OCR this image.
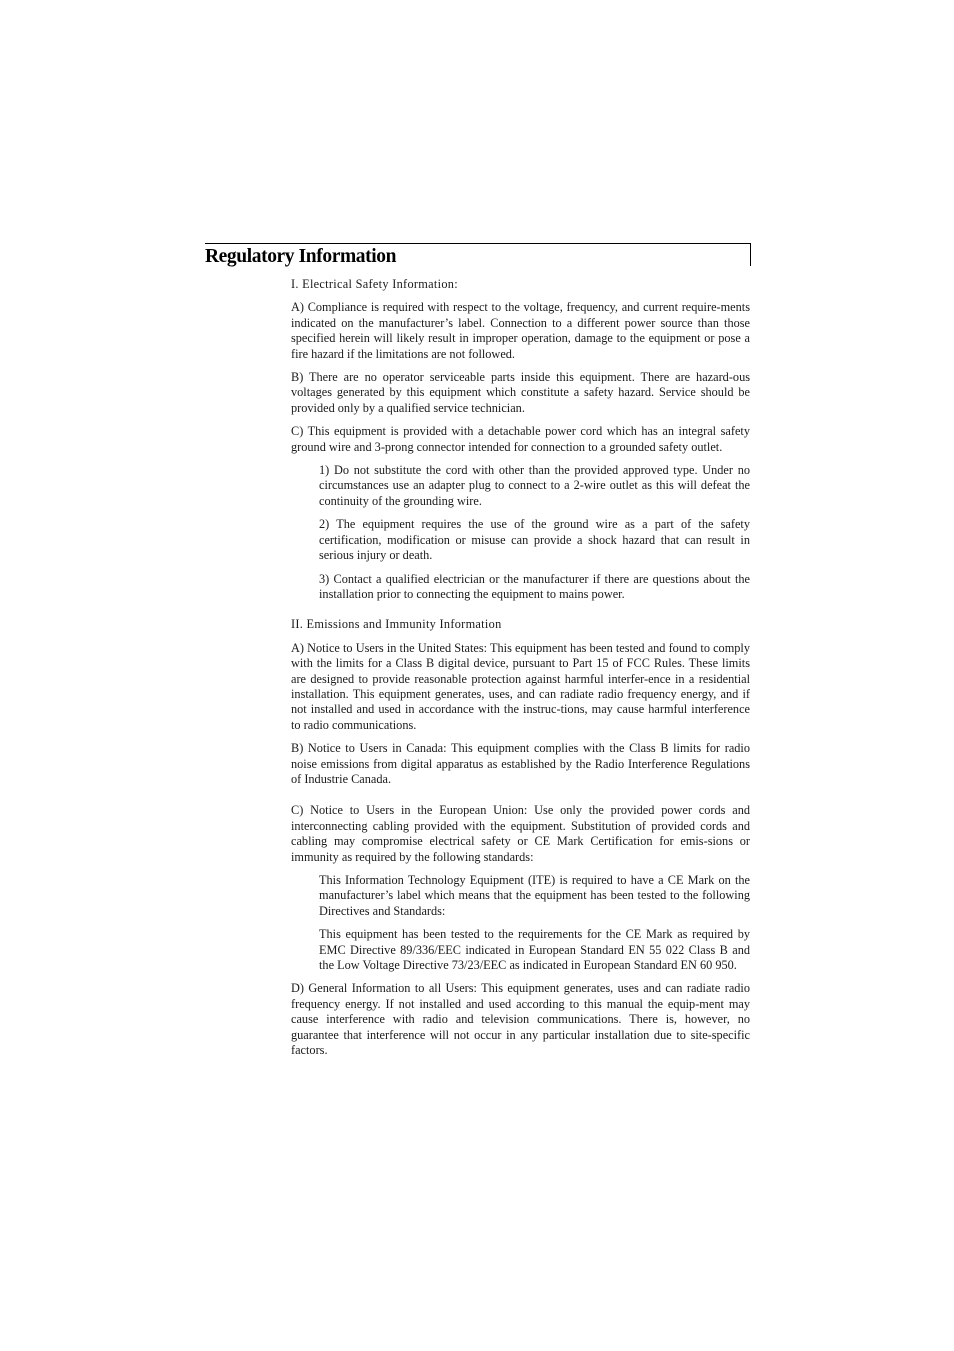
Regulatory Information

I. Electrical Safety Information:

A) Compliance is required with respect to the voltage, frequency, and current require-ments indicated on the manufacturer’s label. Connection to a different power source than those specified herein will likely result in improper operation, damage to the equipment or pose a fire hazard if the limitations are not followed.

B) There are no operator serviceable parts inside this equipment. There are hazard-ous voltages generated by this equipment which constitute a safety hazard. Service should be provided only by a qualified service technician.

C) This equipment is provided with a detachable power cord which has an integral safety ground wire and 3-prong connector intended for connection to a grounded safety outlet.

1) Do not substitute the cord with other than the provided approved type. Under no circumstances use an adapter plug to connect to a 2-wire outlet as this will defeat the continuity of the grounding wire.

2) The equipment requires the use of the ground wire as a part of the safety certification, modification or misuse can provide a shock hazard that can result in serious injury or death.

3) Contact a qualified electrician or the manufacturer if there are questions about the installation prior to connecting the equipment to mains power.

II. Emissions and Immunity Information

A) Notice to Users in the United States: This equipment has been tested and found to comply with the limits for a Class B digital device, pursuant to Part 15 of FCC Rules. These limits are designed to provide reasonable protection against harmful interfer-ence in a residential installation. This equipment generates, uses, and can radiate radio frequency energy, and if not installed and used in accordance with the instruc-tions, may cause harmful interference to radio communications.

B) Notice to Users in Canada: This equipment complies with the Class B limits for radio noise emissions from digital apparatus as established by the Radio Interference Regulations of Industrie Canada.

C) Notice to Users in the European Union: Use only the provided power cords and interconnecting cabling provided with the equipment. Substitution of provided cords and cabling may compromise electrical safety or CE Mark Certification for emis-sions or immunity as required by the following standards:

This Information Technology Equipment (ITE) is required to have a CE Mark on the manufacturer’s label which means that the equipment has been tested to the following Directives and Standards:

This equipment has been tested to the requirements for the CE Mark as required by EMC Directive 89/336/EEC indicated in European Standard EN 55 022 Class B and the Low Voltage Directive 73/23/EEC as indicated in European Standard EN 60 950.

D) General Information to all Users: This equipment generates, uses and can radiate radio frequency energy. If not installed and used according to this manual the equip-ment may cause interference with radio and television communications. There is, however, no guarantee that interference will not occur in any particular installation due to site-specific factors.
